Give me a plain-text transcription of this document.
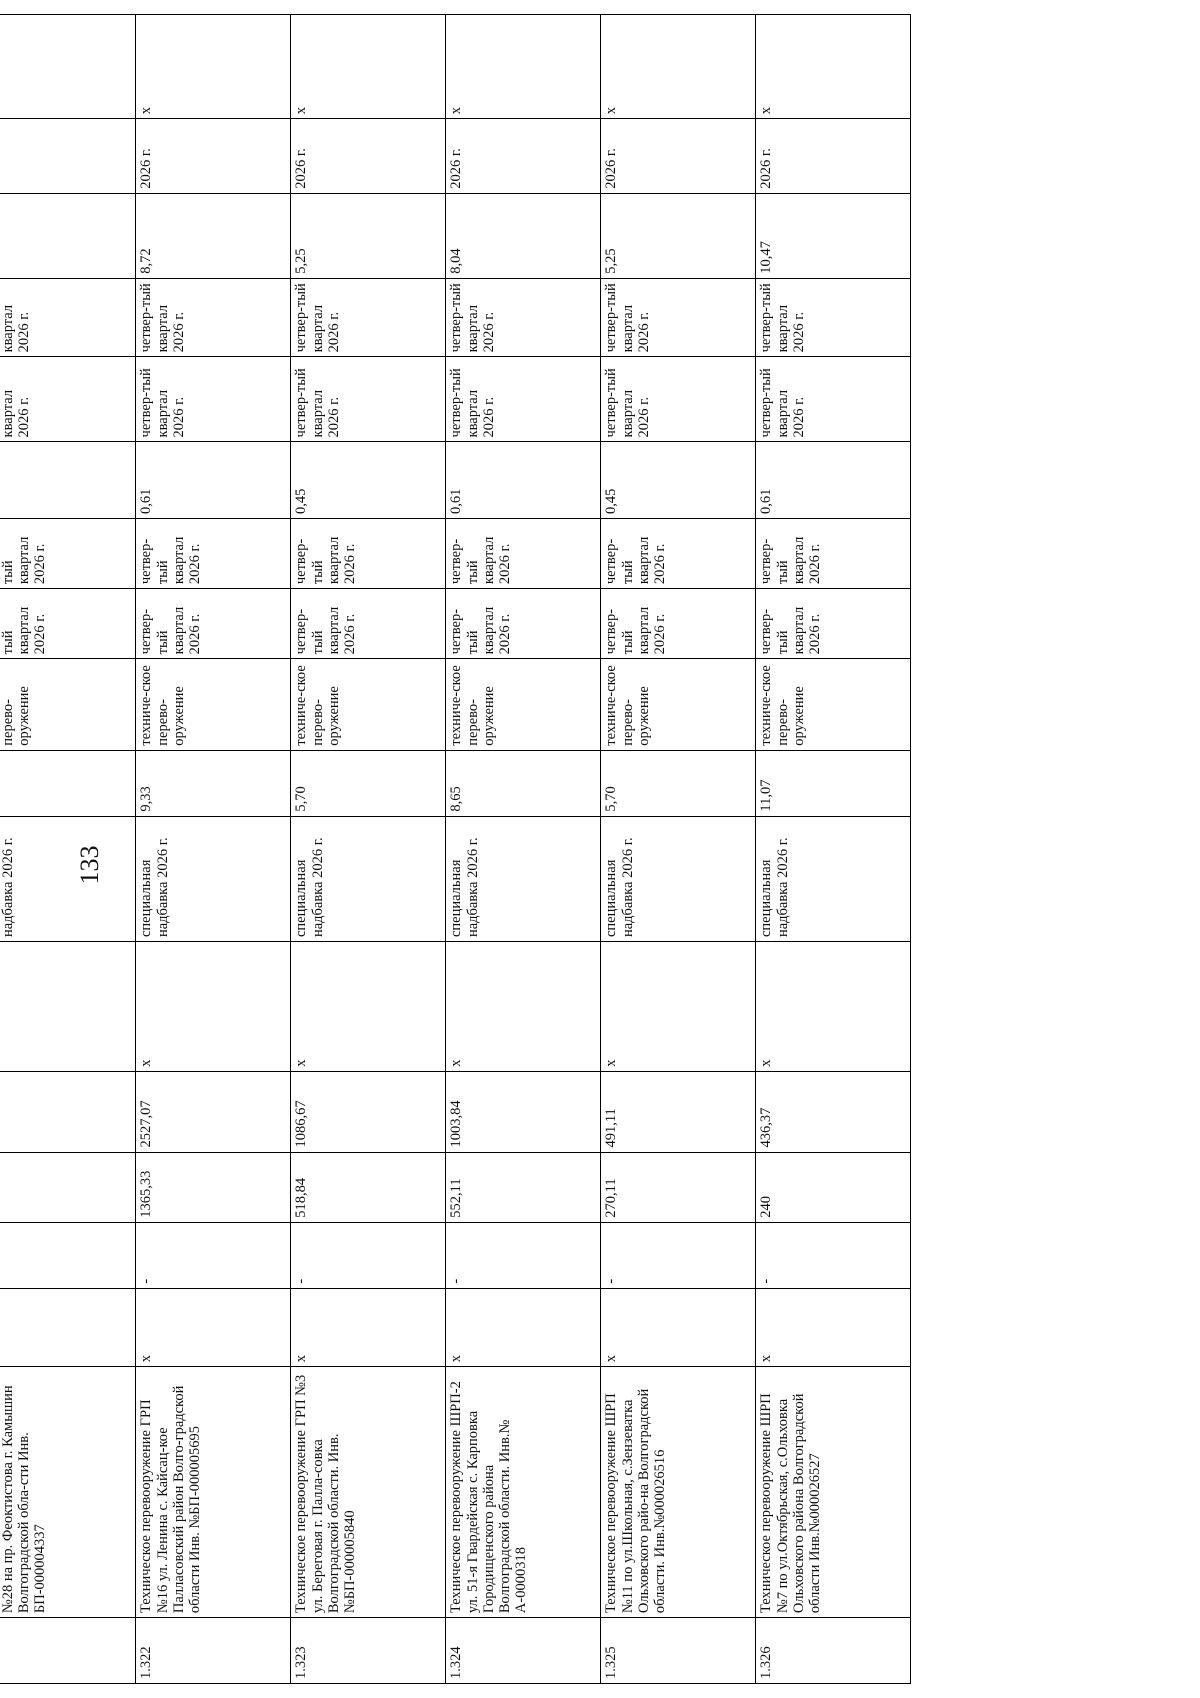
133

	№28 на пр. Феоктистова г. Камышин Волгоградской обла-сти Инв. БП-000004337						надбавка 2026 г.		перево-оружение	тый квартал 2026 г.	тый квартал 2026 г.		квартал 2026 г.	квартал 2026 г.			
1.322	Техническое перевоoружение ГРП №16 ул. Ленина с. Кайсац-кое Палласовский район Волго-градской области Инв. №БП-000005695	x	-	1365,33	2527,07	x	специальная надбавка 2026 г.	9,33	техниче-ское перево-оружение	четвер-тый квартал 2026 г.	четвер-тый квартал 2026 г.	0,61	четвер-тый квартал 2026 г.	четвер-тый квартал 2026 г.	8,72	2026 г.	x
1.323	Техническое перевоoружение ГРП №3 ул. Береговая г. Палла-совка Волгоградской области. Инв.№БП-000005840	x	-	518,84	1086,67	x	специальная надбавка 2026 г.	5,70	техниче-ское перево-оружение	четвер-тый квартал 2026 г.	четвер-тый квартал 2026 г.	0,45	четвер-тый квартал 2026 г.	четвер-тый квартал 2026 г.	5,25	2026 г.	x
1.324	Техническое перевоoружение ШРП-2 ул. 51-я Гвардейская с. Карповка Городищенского района Волгоградской области. Инв.№ А-0000318	x	-	552,11	1003,84	x	специальная надбавка 2026 г.	8,65	техниче-ское перево-оружение	четвер-тый квартал 2026 г.	четвер-тый квартал 2026 г.	0,61	четвер-тый квартал 2026 г.	четвер-тый квартал 2026 г.	8,04	2026 г.	x
1.325	Техническое перевоoружение ШРП №11 по ул.Школьная, с.Зензеватка Ольховского райо-на Волгоградской области. Инв.№000026516	x	-	270,11	491,11	x	специальная надбавка 2026 г.	5,70	техниче-ское перево-оружение	четвер-тый квартал 2026 г.	четвер-тый квартал 2026 г.	0,45	четвер-тый квартал 2026 г.	четвер-тый квартал 2026 г.	5,25	2026 г.	x
1.326	Техническое перевоoружение ШРП №7 по ул.Октябрьская, с.Ольховка Ольховского района Волгоградской области Инв.№000026527	x	-	240	436,37	x	специальная надбавка 2026 г.	11,07	техниче-ское перево-оружение	четвер-тый квартал 2026 г.	четвер-тый квартал 2026 г.	0,61	четвер-тый квартал 2026 г.	четвер-тый квартал 2026 г.	10,47	2026 г.	x
